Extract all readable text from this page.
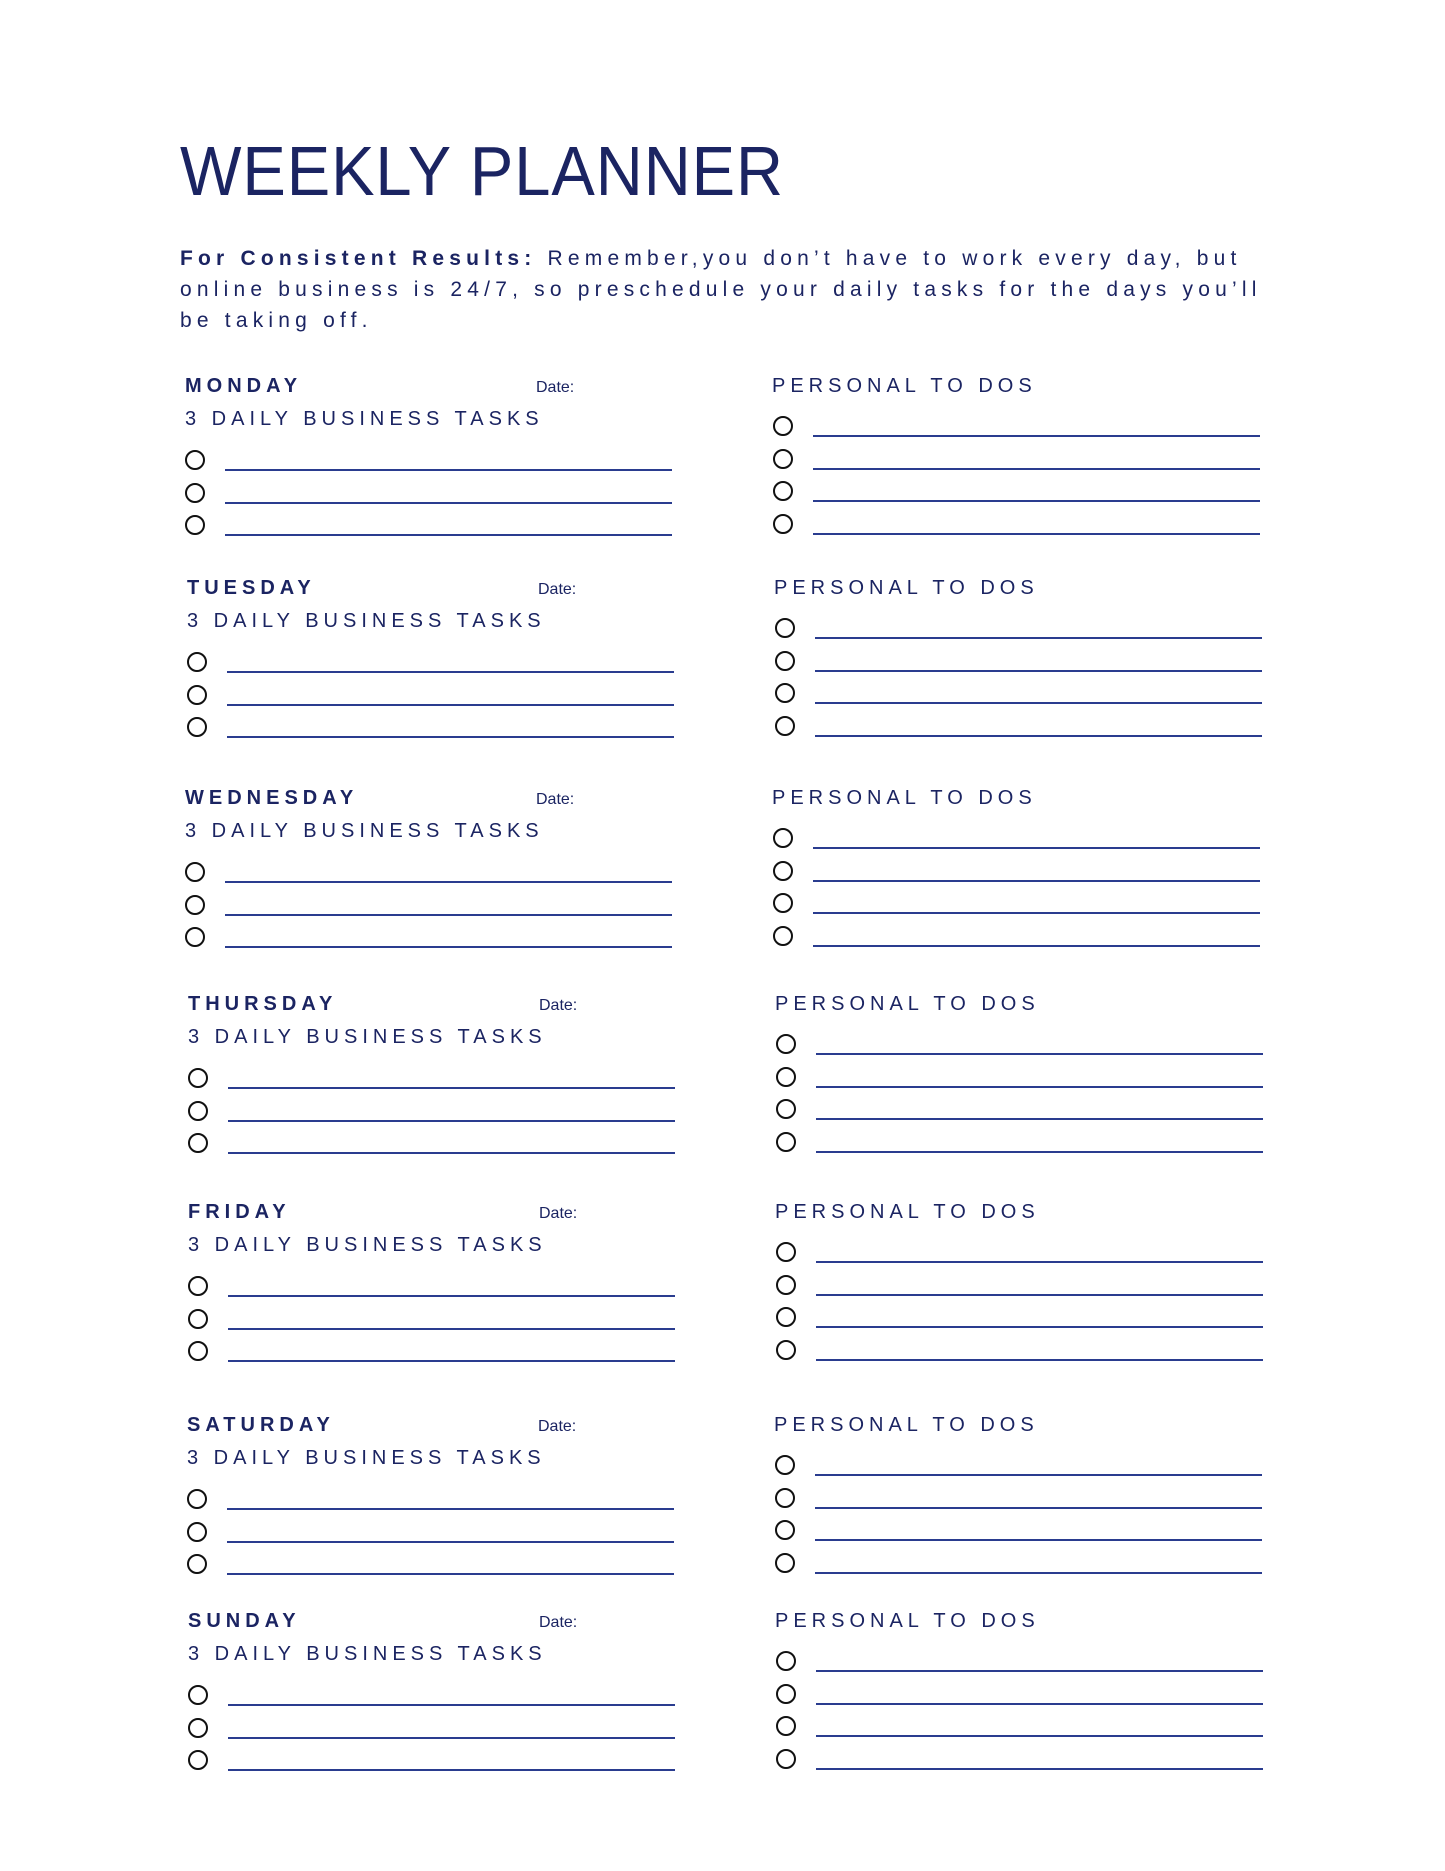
WEEKLY PLANNER
For Consistent Results: Remember,you don’t have to work every day, but online business is 24/7, so preschedule your daily tasks for the days you’ll be taking off.
MONDAY	Date:
3 DAILY BUSINESS TASKS
PERSONAL TO DOS
TUESDAY	Date:
3 DAILY BUSINESS TASKS
PERSONAL TO DOS
WEDNESDAY	Date:
3 DAILY BUSINESS TASKS
PERSONAL TO DOS
THURSDAY	Date:
3 DAILY BUSINESS TASKS
PERSONAL TO DOS
FRIDAY	Date:
3 DAILY BUSINESS TASKS
PERSONAL TO DOS
SATURDAY	Date:
3 DAILY BUSINESS TASKS
PERSONAL TO DOS
SUNDAY	Date:
3 DAILY BUSINESS TASKS
PERSONAL TO DOS
